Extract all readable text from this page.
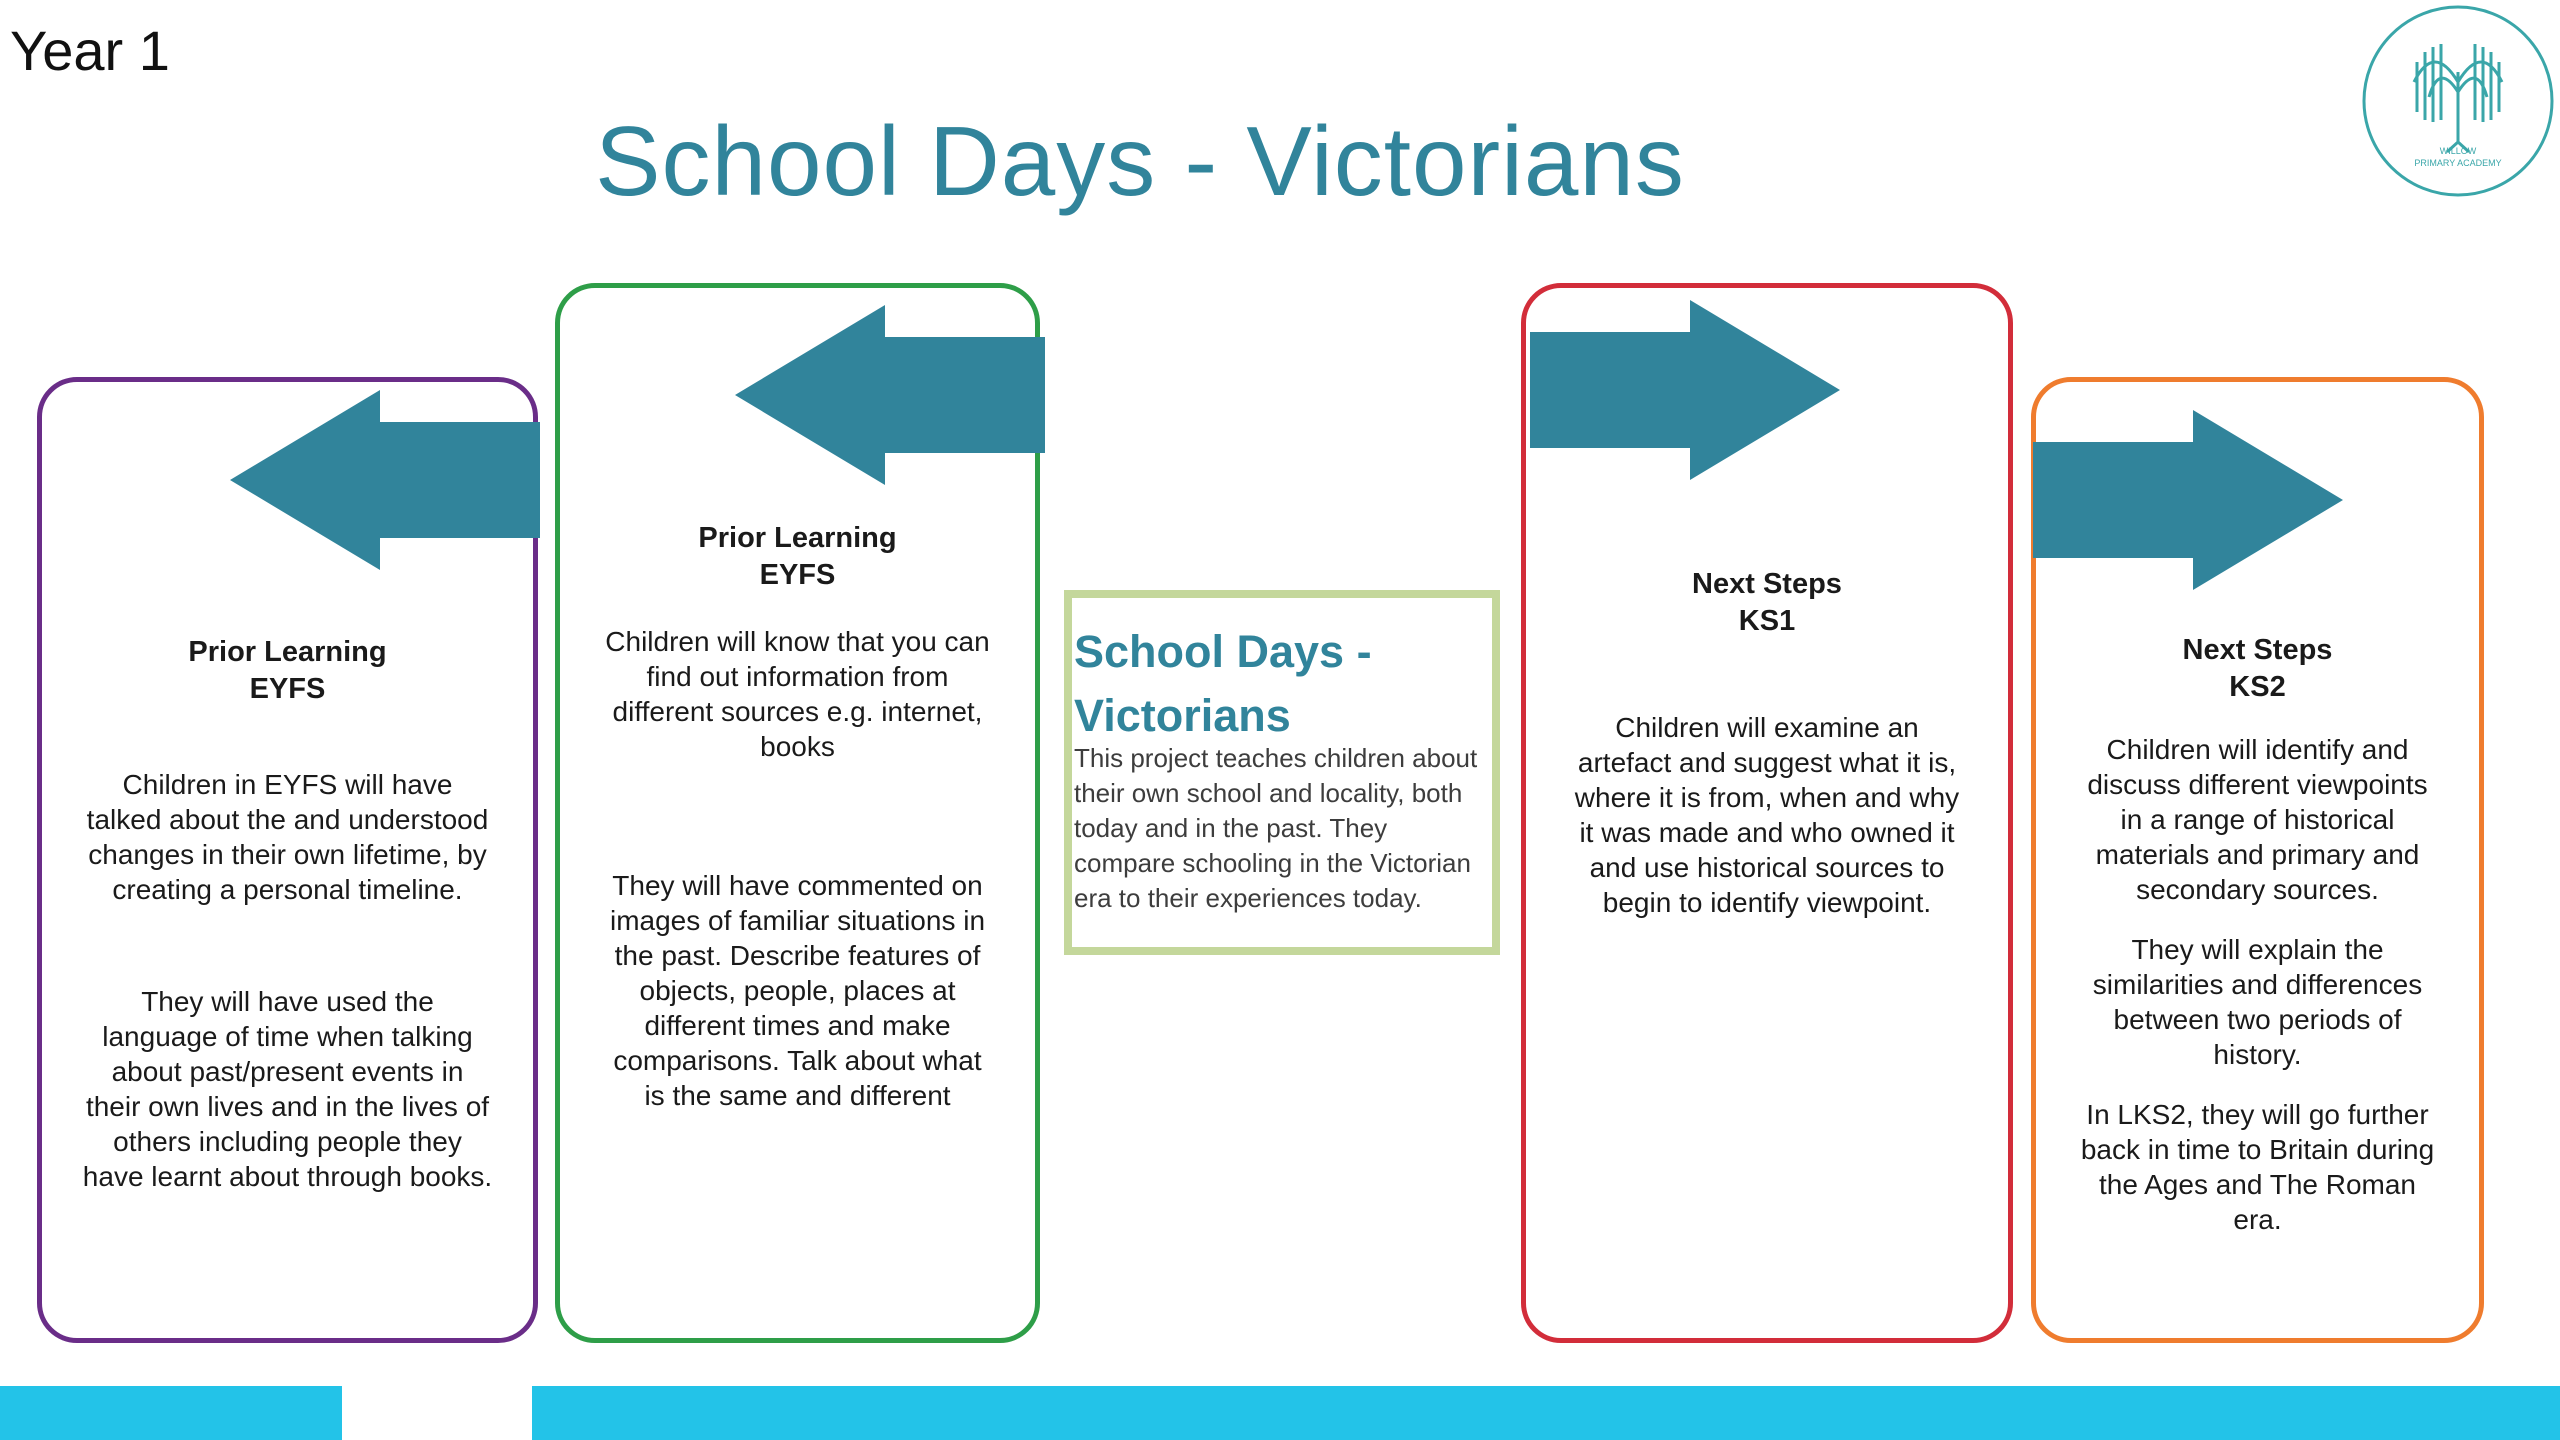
Year 1
School Days - Victorians	WILLOW
PRIMARY ACADEMY
Prior Learning
EYFS

Children in EYFS will have talked about the and understood changes in their own lifetime, by creating a personal timeline.

They will have used the language of time when talking about past/present events in their own lives and in the lives of others including people they have learnt about through books.

Prior Learning
EYFS

Children will know that you can find out information from different sources e.g. internet, books

They will have commented on images of familiar situations in the past. Describe features of objects, people, places at different times and make comparisons. Talk about what is the same and different

Next Steps
KS1

Children will examine an artefact and suggest what it is, where it is from, when and why it was made and who owned it and use historical sources to begin to identify viewpoint.

Next Steps
KS2

Children will identify and discuss different viewpoints in a range of historical materials and primary and secondary sources.

They will explain the similarities and differences between two periods of history.

In LKS2, they will go further back in time to Britain during the Ages and The Roman era.

School Days - Victorians
This project teaches children about their own school and locality, both today and in the past. They compare schooling in the Victorian era to their experiences today.
